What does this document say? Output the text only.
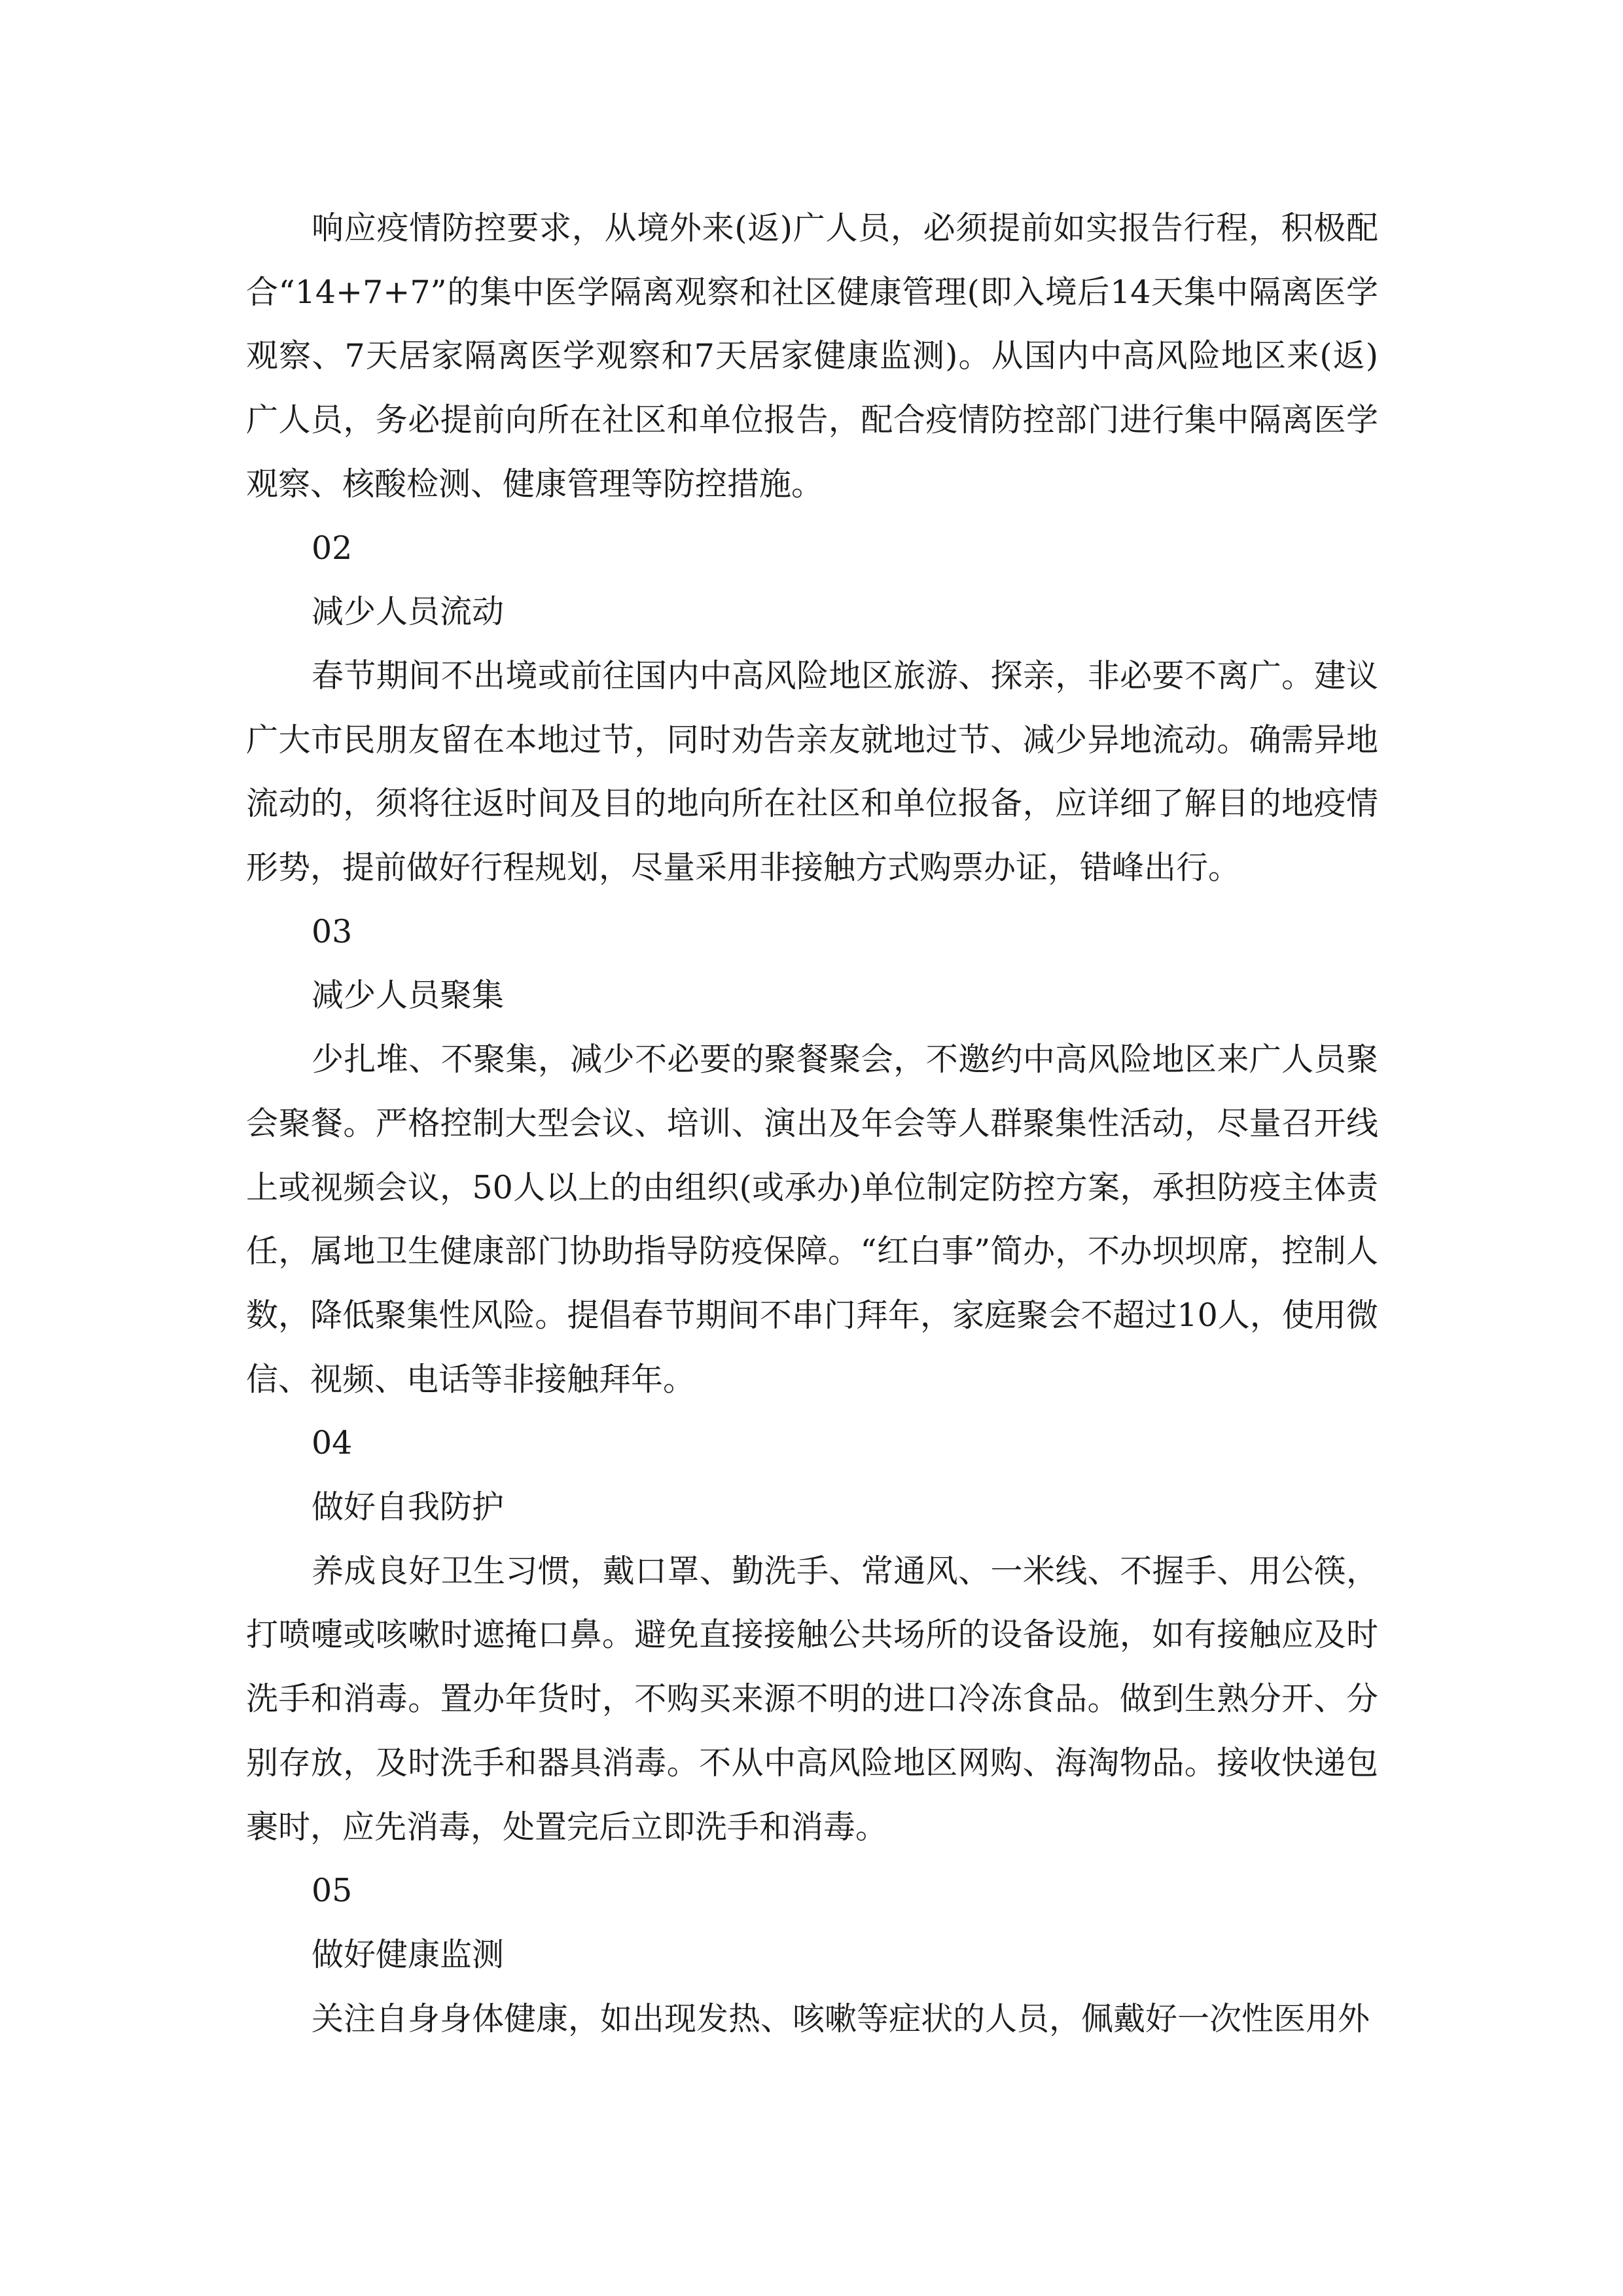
响应疫情防控要求，从境外来(返)广人员，必须提前如实报告行程，积极配合“14+7+7”的集中医学隔离观察和社区健康管理(即入境后14天集中隔离医学观察、7天居家隔离医学观察和7天居家健康监测)。从国内中高风险地区来(返)广人员，务必提前向所在社区和单位报告，配合疫情防控部门进行集中隔离医学观察、核酸检测、健康管理等防控措施。

02

减少人员流动

春节期间不出境或前往国内中高风险地区旅游、探亲，非必要不离广。建议广大市民朋友留在本地过节，同时劝告亲友就地过节、减少异地流动。确需异地流动的，须将往返时间及目的地向所在社区和单位报备，应详细了解目的地疫情形势，提前做好行程规划，尽量采用非接触方式购票办证，错峰出行。

03

减少人员聚集

少扎堆、不聚集，减少不必要的聚餐聚会，不邀约中高风险地区来广人员聚会聚餐。严格控制大型会议、培训、演出及年会等人群聚集性活动，尽量召开线上或视频会议，50人以上的由组织(或承办)单位制定防控方案，承担防疫主体责任，属地卫生健康部门协助指导防疫保障。“红白事”简办，不办坝坝席，控制人数，降低聚集性风险。提倡春节期间不串门拜年，家庭聚会不超过10人，使用微信、视频、电话等非接触拜年。

04

做好自我防护

养成良好卫生习惯，戴口罩、勤洗手、常通风、一米线、不握手、用公筷，打喷嚏或咳嗽时遮掩口鼻。避免直接接触公共场所的设备设施，如有接触应及时洗手和消毒。置办年货时，不购买来源不明的进口冷冻食品。做到生熟分开、分别存放，及时洗手和器具消毒。不从中高风险地区网购、海淘物品。接收快递包裹时，应先消毒，处置完后立即洗手和消毒。

05

做好健康监测

关注自身身体健康，如出现发热、咳嗽等症状的人员，佩戴好一次性医用外
